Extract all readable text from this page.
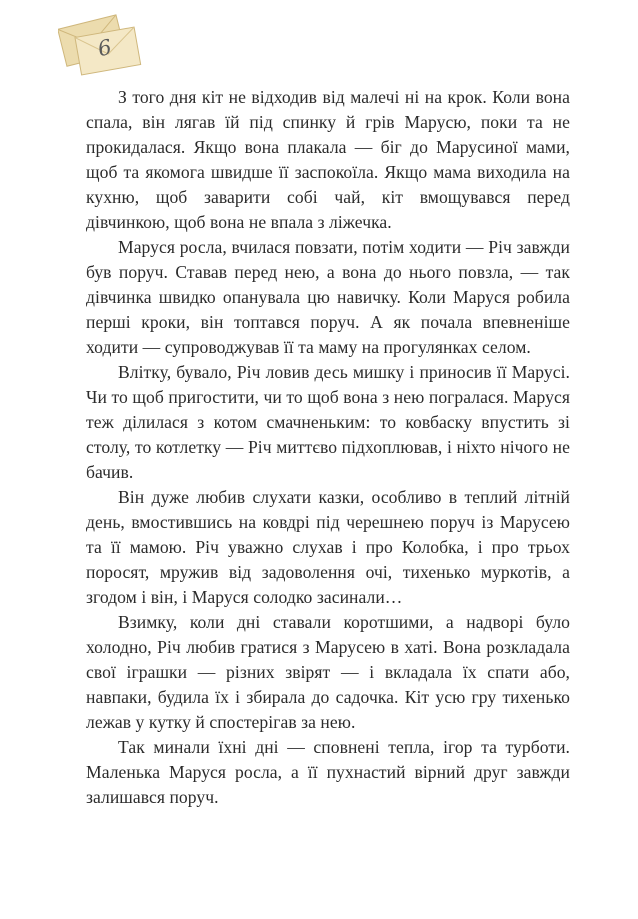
6

З того дня кіт не відходив від малечі ні на крок. Коли вона спала, він лягав їй під спинку й грів Марусю, поки та не прокидалася. Якщо вона плакала — біг до Марусиної мами, щоб та якомога швидше її заспокоїла. Якщо мама виходила на кухню, щоб заварити собі чай, кіт вмощувався перед дівчинкою, щоб вона не впала з ліжечка.

Маруся росла, вчилася повзати, потім ходити — Річ завжди був поруч. Ставав перед нею, а вона до нього повзла, — так дівчинка швидко опанувала цю навичку. Коли Маруся робила перші кроки, він топтався поруч. А як почала впевненіше ходити — супроводжував її та маму на прогулянках селом.

Влітку, бувало, Річ ловив десь мишку і приносив її Марусі. Чи то щоб пригостити, чи то щоб вона з нею погралася. Маруся теж ділилася з котом смачненьким: то ковбаску впустить зі столу, то котлетку — Річ миттєво підхоплював, і ніхто нічого не бачив.

Він дуже любив слухати казки, особливо в теплий літній день, вмостившись на ковдрі під черешнею поруч із Марусею та її мамою. Річ уважно слухав і про Колобка, і про трьох поросят, мружив від задоволення очі, тихенько муркотів, а згодом і він, і Маруся солодко засинали…

Взимку, коли дні ставали коротшими, а надворі було холодно, Річ любив гратися з Марусею в хаті. Вона розкладала свої іграшки — різних звірят — і вкладала їх спати або, навпаки, будила їх і збирала до садочка. Кіт усю гру тихенько лежав у кутку й спостерігав за нею.

Так минали їхні дні — сповнені тепла, ігор та турботи. Маленька Маруся росла, а її пухнастий вірний друг завжди залишався поруч.
